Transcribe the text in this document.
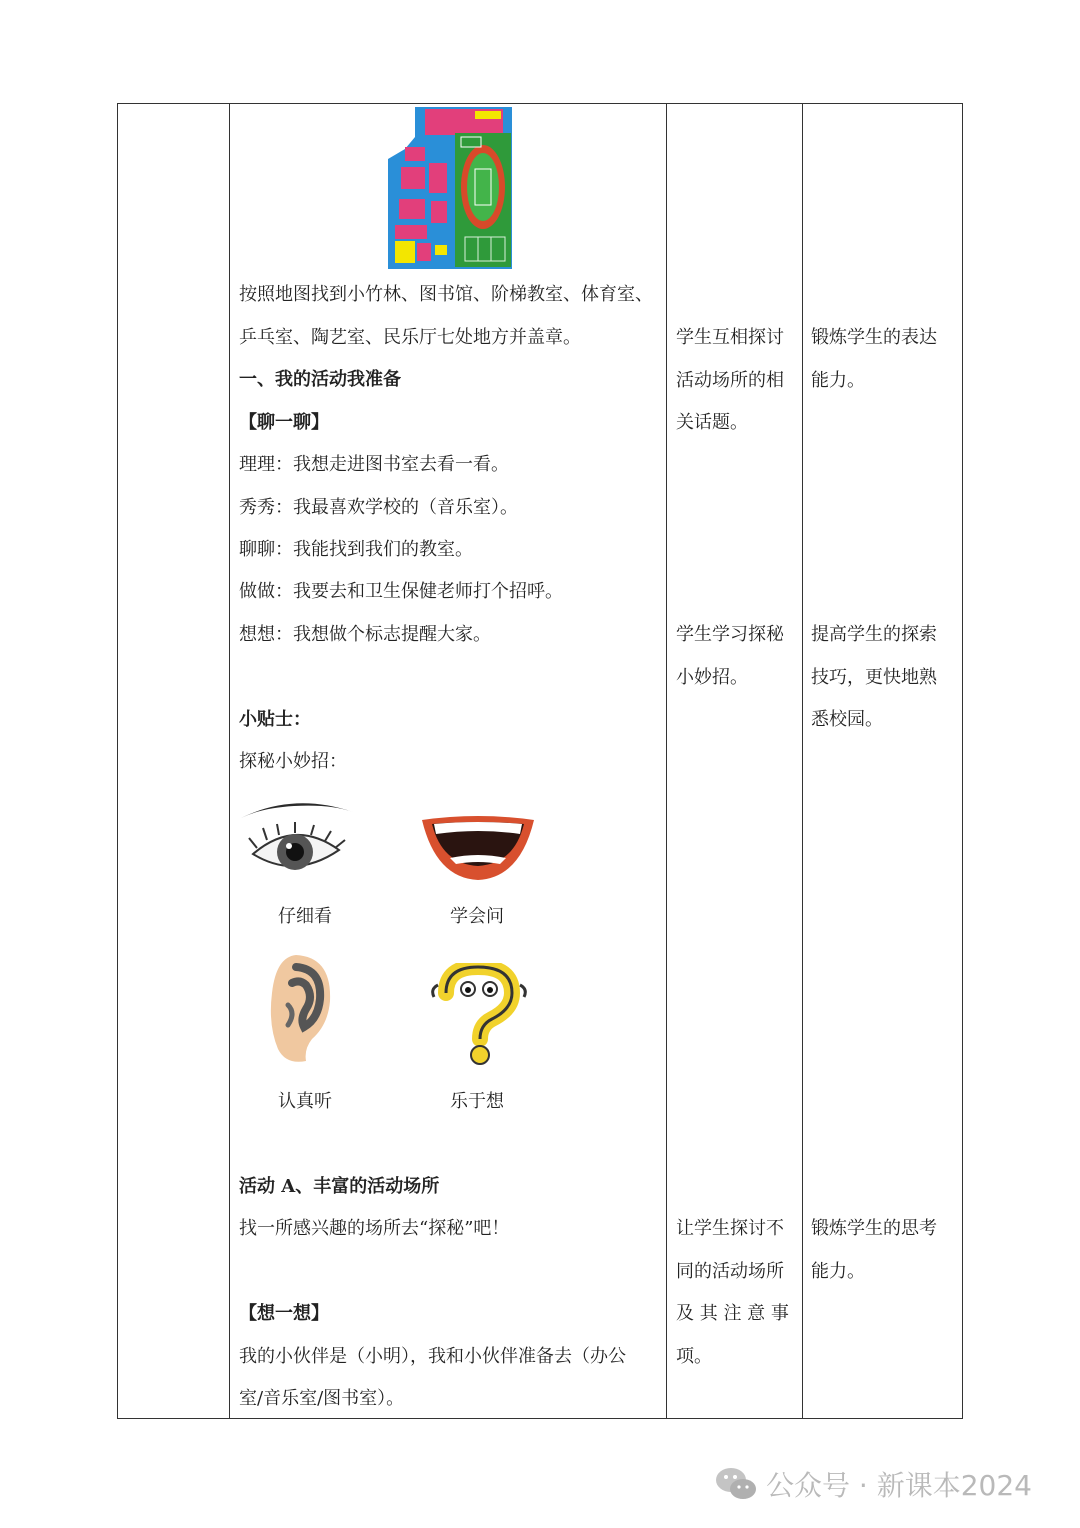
按照地图找到小竹林、图书馆、阶梯教室、体育室、
乒乓室、陶艺室、民乐厅七处地方并盖章。
一、我的活动我准备
【聊一聊】
理理：我想走进图书室去看一看。
秀秀：我最喜欢学校的（音乐室）。
聊聊：我能找到我们的教室。
做做：我要去和卫生保健老师打个招呼。
想想：我想做个标志提醒大家。
小贴士：
探秘小妙招：
仔细看	学会问
认真听	乐于想
活动 A、丰富的活动场所
找一所感兴趣的场所去“探秘”吧！
【想一想】
我的小伙伴是（小明），我和小伙伴准备去（办公
室/音乐室/图书室）。
学生互相探讨
活动场所的相
关话题。
学生学习探秘
小妙招。
让学生探讨不
同的活动场所
及 其 注 意 事
项。
锻炼学生的表达
能力。
提高学生的探索
技巧，更快地熟
悉校园。
锻炼学生的思考
能力。
公众号 · 新课本2024
